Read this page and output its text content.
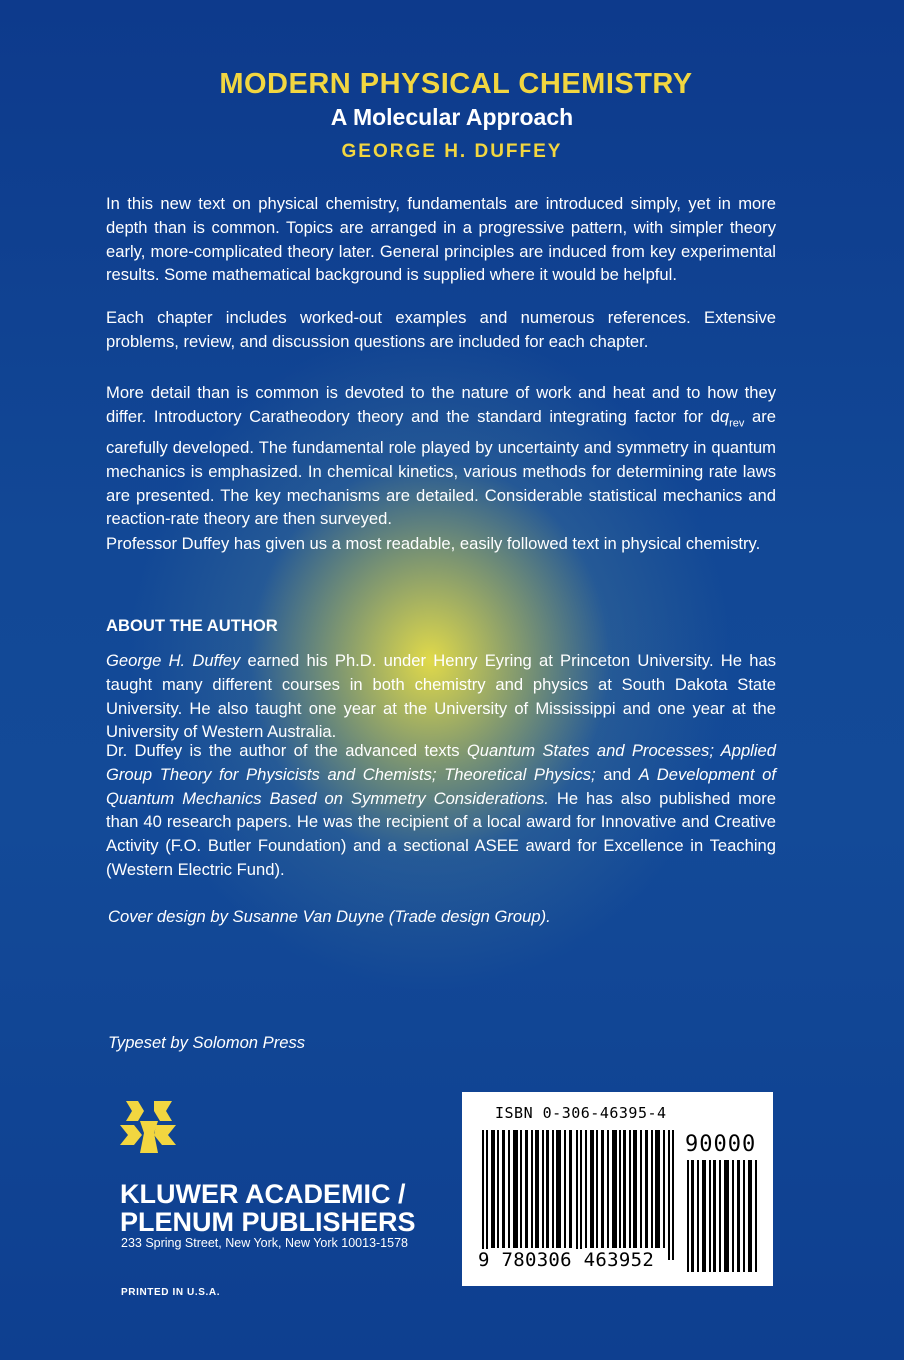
MODERN PHYSICAL CHEMISTRY
A Molecular Approach
GEORGE H. DUFFEY

In this new text on physical chemistry, fundamentals are introduced simply, yet in more depth than is common. Topics are arranged in a progressive pattern, with simpler theory early, more-complicated theory later. General principles are induced from key experimental results. Some mathematical background is supplied where it would be helpful.

Each chapter includes worked-out examples and numerous references. Extensive problems, review, and discussion questions are included for each chapter.

More detail than is common is devoted to the nature of work and heat and to how they differ. Introductory Caratheodory theory and the standard integrating factor for $dq_{rev}$ are carefully developed. The fundamental role played by uncertainty and symmetry in quantum mechanics is emphasized. In chemical kinetics, various methods for determining rate laws are presented. The key mechanisms are detailed. Considerable statistical mechanics and reaction-rate theory are then surveyed.

Professor Duffey has given us a most readable, easily followed text in physical chemistry.

ABOUT THE AUTHOR

George H. Duffey earned his Ph.D. under Henry Eyring at Princeton University. He has taught many different courses in both chemistry and physics at South Dakota State University. He also taught one year at the University of Mississippi and one year at the University of Western Australia.

Dr. Duffey is the author of the advanced texts Quantum States and Processes; Applied Group Theory for Physicists and Chemists; Theoretical Physics; and A Development of Quantum Mechanics Based on Symmetry Considerations. He has also published more than 40 research papers. He was the recipient of a local award for Innovative and Creative Activity (F.O. Butler Foundation) and a sectional ASEE award for Excellence in Teaching (Western Electric Fund).

Cover design by Susanne Van Duyne (Trade design Group).

Typeset by Solomon Press

KLUWER ACADEMIC /
PLENUM PUBLISHERS

233 Spring Street, New York, New York 10013-1578

PRINTED IN U.S.A.

ISBN 0-306-46395-4

9 780306 463952

90000
